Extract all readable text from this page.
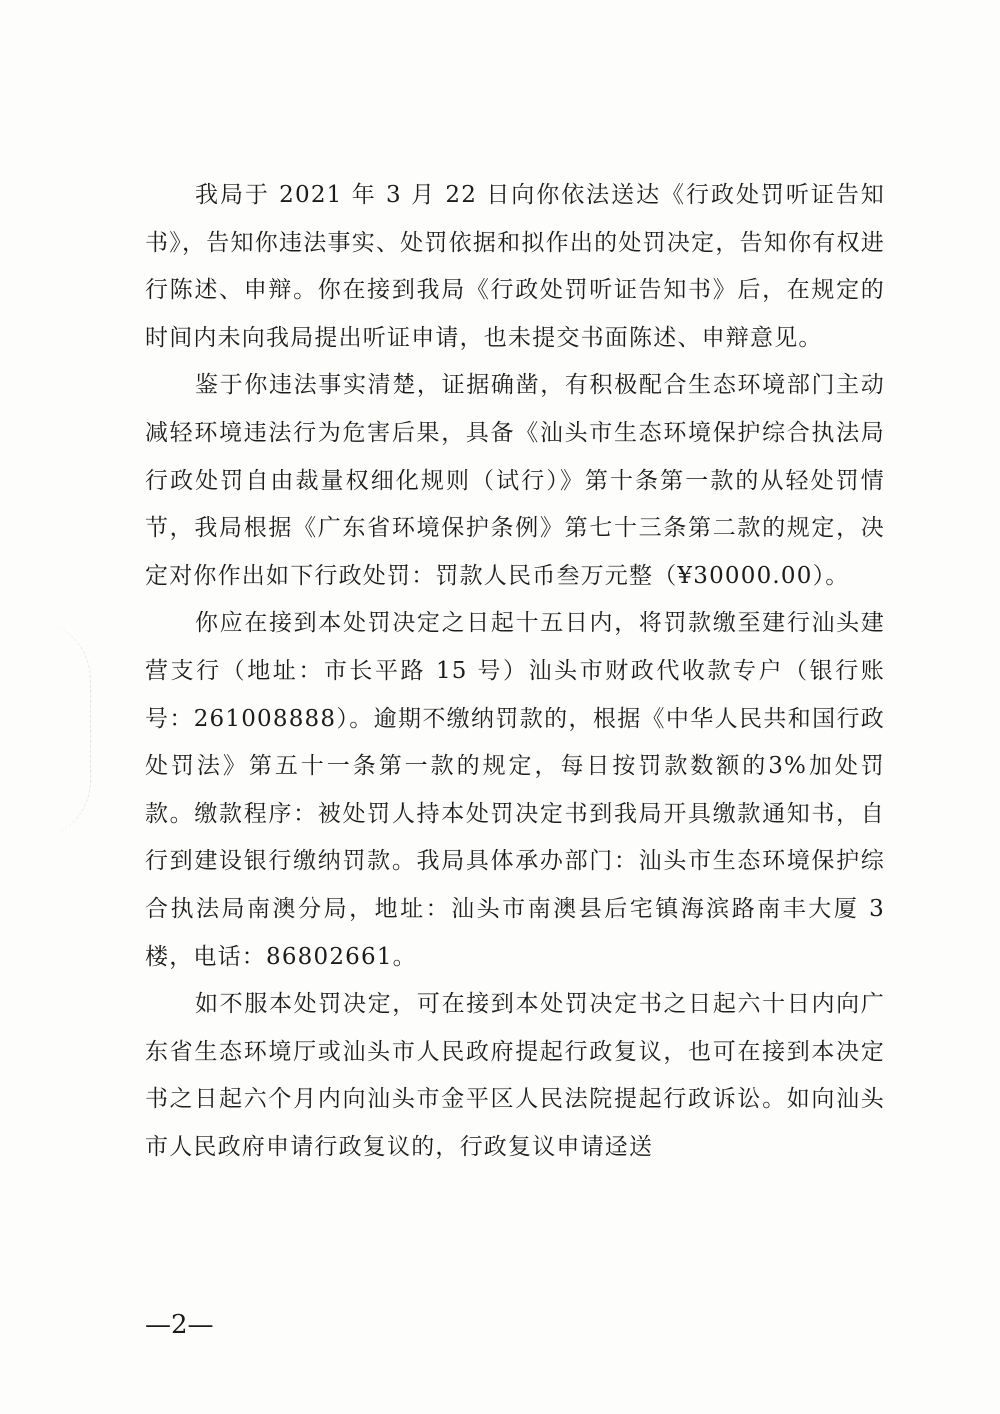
我局于 2021 年 3 月 22 日向你依法送达《行政处罚听证告知书》，告知你违法事实、处罚依据和拟作出的处罚决定，告知你有权进行陈述、申辩。你在接到我局《行政处罚听证告知书》后，在规定的时间内未向我局提出听证申请，也未提交书面陈述、申辩意见。

鉴于你违法事实清楚，证据确凿，有积极配合生态环境部门主动减轻环境违法行为危害后果，具备《汕头市生态环境保护综合执法局行政处罚自由裁量权细化规则（试行）》第十条第一款的从轻处罚情节，我局根据《广东省环境保护条例》第七十三条第二款的规定，决定对你作出如下行政处罚：罚款人民币叁万元整（¥30000.00）。

你应在接到本处罚决定之日起十五日内，将罚款缴至建行汕头建营支行（地址：市长平路 15 号）汕头市财政代收款专户（银行账号：261008888）。逾期不缴纳罚款的，根据《中华人民共和国行政处罚法》第五十一条第一款的规定，每日按罚款数额的3%加处罚款。缴款程序：被处罚人持本处罚决定书到我局开具缴款通知书，自行到建设银行缴纳罚款。我局具体承办部门：汕头市生态环境保护综合执法局南澳分局，地址：汕头市南澳县后宅镇海滨路南丰大厦 3 楼，电话：86802661。

如不服本处罚决定，可在接到本处罚决定书之日起六十日内向广东省生态环境厅或汕头市人民政府提起行政复议，也可在接到本决定书之日起六个月内向汕头市金平区人民法院提起行政诉讼。如向汕头市人民政府申请行政复议的，行政复议申请迳送

—2—
